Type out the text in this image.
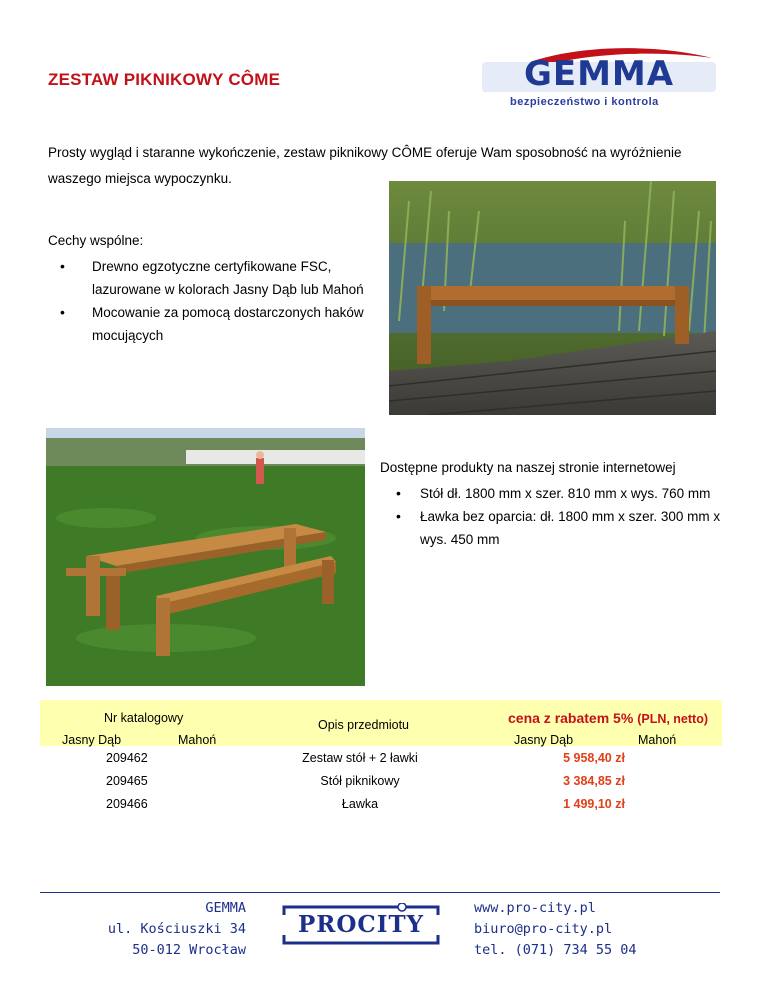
ZESTAW PIKNIKOWY CÔME	GEMMA
bezpieczeństwo i kontrola
Prosty wygląd i staranne wykończenie, zestaw piknikowy CÔME oferuje Wam sposobność na wyróżnienie waszego miejsca wypoczynku.
Cechy wspólne:
• Drewno egzotyczne certyfikowane FSC, lazurowane w kolorach Jasny Dąb lub Mahoń
• Mocowanie za pomocą dostarczonych haków mocujących
Dostępne produkty na naszej stronie internetowej
• Stół dł. 1800 mm x szer. 810 mm x wys. 760 mm
• Ławka bez oparcia: dł. 1800 mm x szer. 300 mm x wys. 450 mm
Nr katalogowy	Opis przedmiotu	cena z rabatem 5% (PLN, netto)
Jasny Dąb	Mahoń	Jasny Dąb	Mahoń
209462	Zestaw stół + 2 ławki	5 958,40 zł
209465	Stół piknikowy	3 384,85 zł
209466	Ławka	1 499,10 zł
GEMMA
ul. Kościuszki 34
50-012 Wrocław
PROCITY
www.pro-city.pl
biuro@pro-city.pl
tel. (071) 734 55 04
